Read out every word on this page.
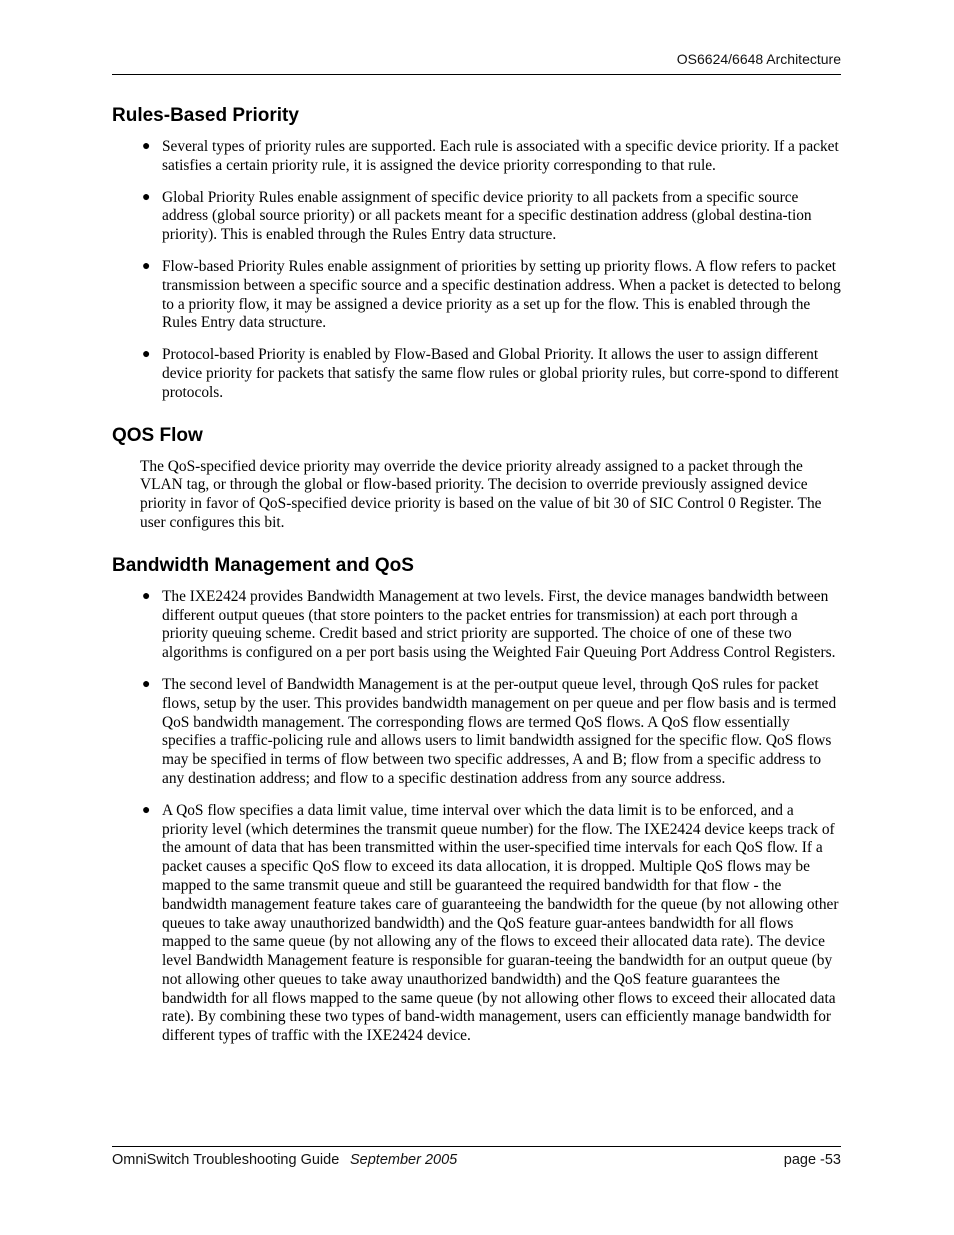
OS6624/6648 Architecture
Rules-Based Priority
● Several types of priority rules are supported. Each rule is associated with a specific device priority. If a packet satisfies a certain priority rule, it is assigned the device priority corresponding to that rule.
● Global Priority Rules enable assignment of specific device priority to all packets from a specific source address (global source priority) or all packets meant for a specific destination address (global destina-tion priority). This is enabled through the Rules Entry data structure.
● Flow-based Priority Rules enable assignment of priorities by setting up priority flows. A flow refers to packet transmission between a specific source and a specific destination address. When a packet is detected to belong to a priority flow, it may be assigned a device priority as a set up for the flow. This is enabled through the Rules Entry data structure.
● Protocol-based Priority is enabled by Flow-Based and Global Priority. It allows the user to assign different device priority for packets that satisfy the same flow rules or global priority rules, but corre-spond to different protocols.
QOS Flow

The QoS-specified device priority may override the device priority already assigned to a packet through the VLAN tag, or through the global or flow-based priority. The decision to override previously assigned device priority in favor of QoS-specified device priority is based on the value of bit 30 of SIC Control 0 Register. The user configures this bit.

Bandwidth Management and QoS
● The IXE2424 provides Bandwidth Management at two levels. First, the device manages bandwidth between different output queues (that store pointers to the packet entries for transmission) at each port through a priority queuing scheme. Credit based and strict priority are supported. The choice of one of these two algorithms is configured on a per port basis using the Weighted Fair Queuing Port Address Control Registers.
● The second level of Bandwidth Management is at the per-output queue level, through QoS rules for packet flows, setup by the user. This provides bandwidth management on per queue and per flow basis and is termed QoS bandwidth management. The corresponding flows are termed QoS flows. A QoS flow essentially specifies a traffic-policing rule and allows users to limit bandwidth assigned for the specific flow. QoS flows may be specified in terms of flow between two specific addresses, A and B; flow from a specific address to any destination address; and flow to a specific destination address from any source address.
● A QoS flow specifies a data limit value, time interval over which the data limit is to be enforced, and a priority level (which determines the transmit queue number) for the flow. The IXE2424 device keeps track of the amount of data that has been transmitted within the user-specified time intervals for each QoS flow. If a packet causes a specific QoS flow to exceed its data allocation, it is dropped. Multiple QoS flows may be mapped to the same transmit queue and still be guaranteed the required bandwidth for that flow - the bandwidth management feature takes care of guaranteeing the bandwidth for the queue (by not allowing other queues to take away unauthorized bandwidth) and the QoS feature guar-antees bandwidth for all flows mapped to the same queue (by not allowing any of the flows to exceed their allocated data rate). The device level Bandwidth Management feature is responsible for guaran-teeing the bandwidth for an output queue (by not allowing other queues to take away unauthorized bandwidth) and the QoS feature guarantees the bandwidth for all flows mapped to the same queue (by not allowing other flows to exceed their allocated data rate). By combining these two types of band-width management, users can efficiently manage bandwidth for different types of traffic with the IXE2424 device.
OmniSwitch Troubleshooting Guide September 2005	page -53
